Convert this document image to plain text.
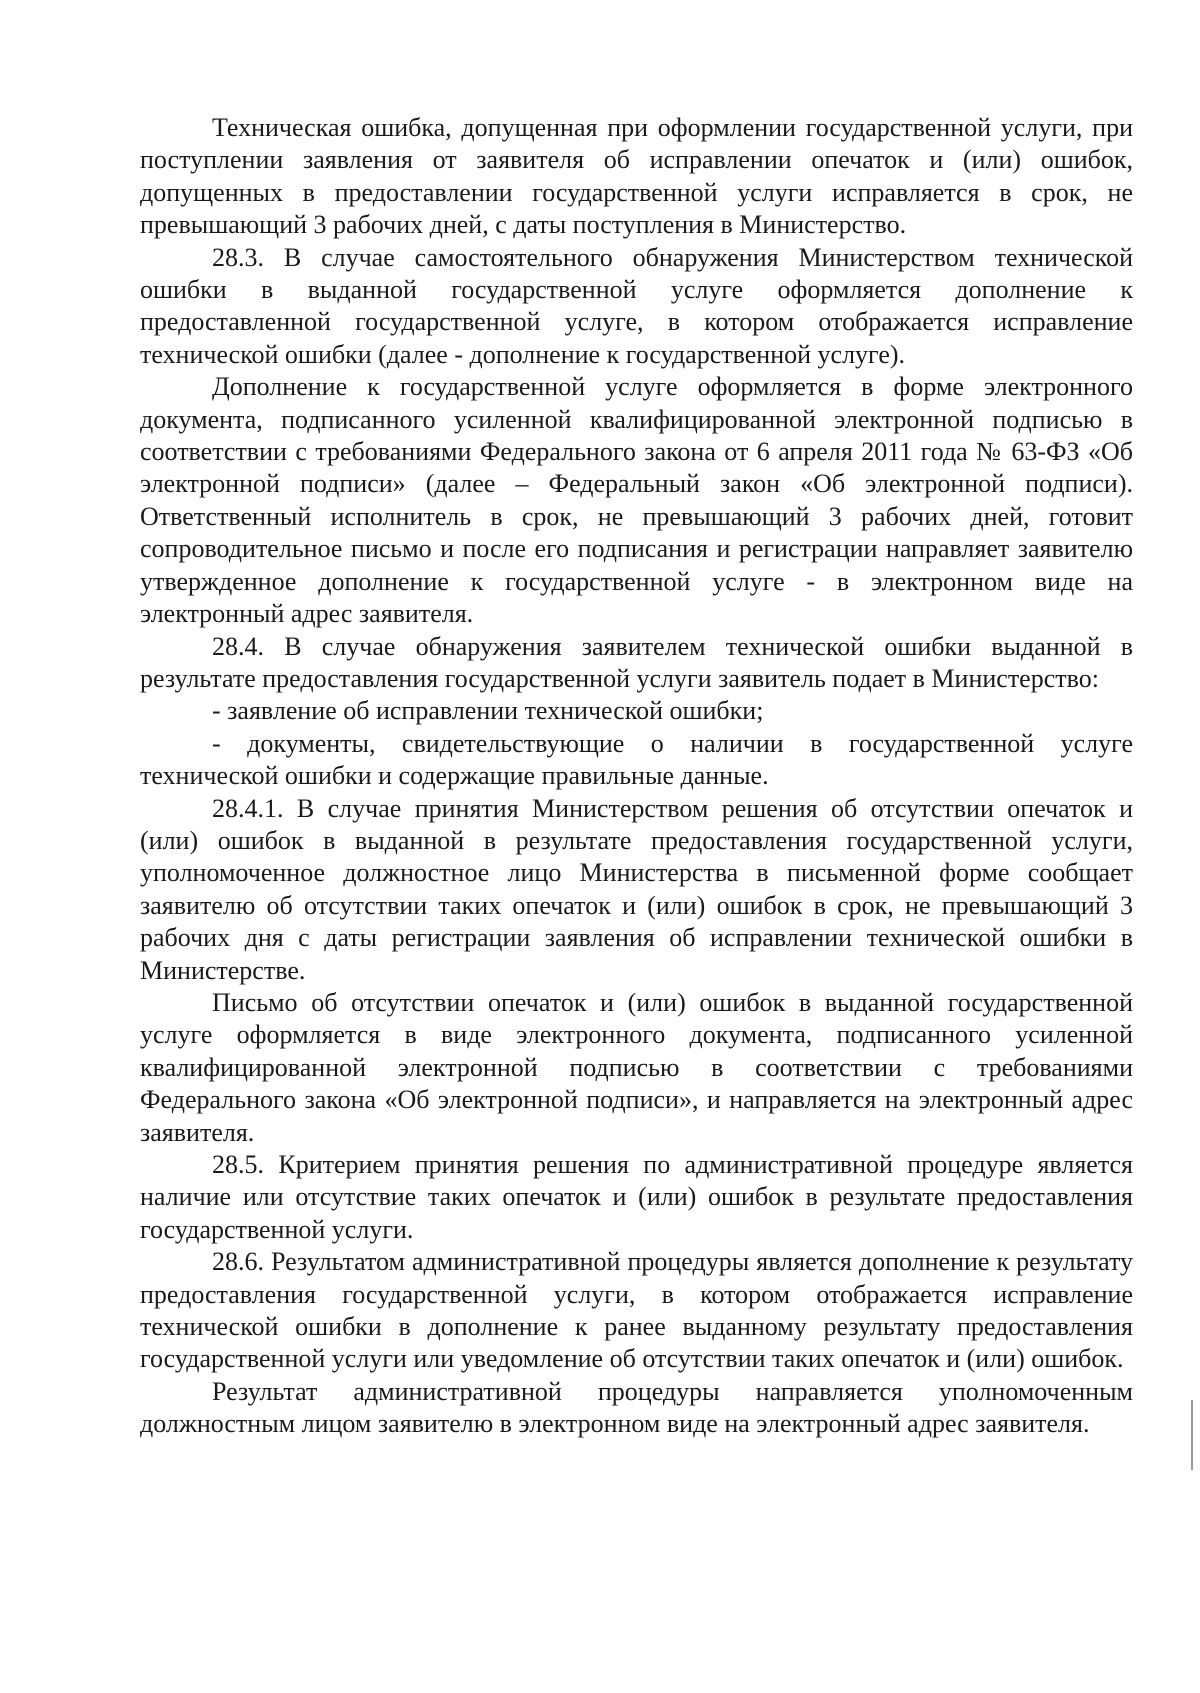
Техническая ошибка, допущенная при оформлении государственной услуги, при поступлении заявления от заявителя об исправлении опечаток и (или) ошибок, допущенных в предоставлении государственной услуги исправляется в срок, не превышающий 3 рабочих дней, с даты поступления в Министерство.

28.3. В случае самостоятельного обнаружения Министерством технической ошибки в выданной государственной услуге оформляется дополнение к предоставленной государственной услуге, в котором отображается исправление технической ошибки (далее - дополнение к государственной услуге).

Дополнение к государственной услуге оформляется в форме электронного документа, подписанного усиленной квалифицированной электронной подписью в соответствии с требованиями Федерального закона от 6 апреля 2011 года № 63-ФЗ «Об электронной подписи» (далее – Федеральный закон «Об электронной подписи). Ответственный исполнитель в срок, не превышающий 3 рабочих дней, готовит сопроводительное письмо и после его подписания и регистрации направляет заявителю утвержденное дополнение к государственной услуге - в электронном виде на электронный адрес заявителя.

28.4. В случае обнаружения заявителем технической ошибки выданной в результате предоставления государственной услуги заявитель подает в Министерство:

- заявление об исправлении технической ошибки;

- документы, свидетельствующие о наличии в государственной услуге технической ошибки и содержащие правильные данные.

28.4.1. В случае принятия Министерством решения об отсутствии опечаток и (или) ошибок в выданной в результате предоставления государственной услуги, уполномоченное должностное лицо Министерства в письменной форме сообщает заявителю об отсутствии таких опечаток и (или) ошибок в срок, не превышающий 3 рабочих дня с даты регистрации заявления об исправлении технической ошибки в Министерстве.

Письмо об отсутствии опечаток и (или) ошибок в выданной государственной услуге оформляется в виде электронного документа, подписанного усиленной квалифицированной электронной подписью в соответствии с требованиями Федерального закона «Об электронной подписи», и направляется на электронный адрес заявителя.

28.5. Критерием принятия решения по административной процедуре является наличие или отсутствие таких опечаток и (или) ошибок в результате предоставления государственной услуги.

28.6. Результатом административной процедуры является дополнение к результату предоставления государственной услуги, в котором отображается исправление технической ошибки в дополнение к ранее выданному результату предоставления государственной услуги или уведомление об отсутствии таких опечаток и (или) ошибок.

Результат административной процедуры направляется уполномоченным должностным лицом заявителю в электронном виде на электронный адрес заявителя.
